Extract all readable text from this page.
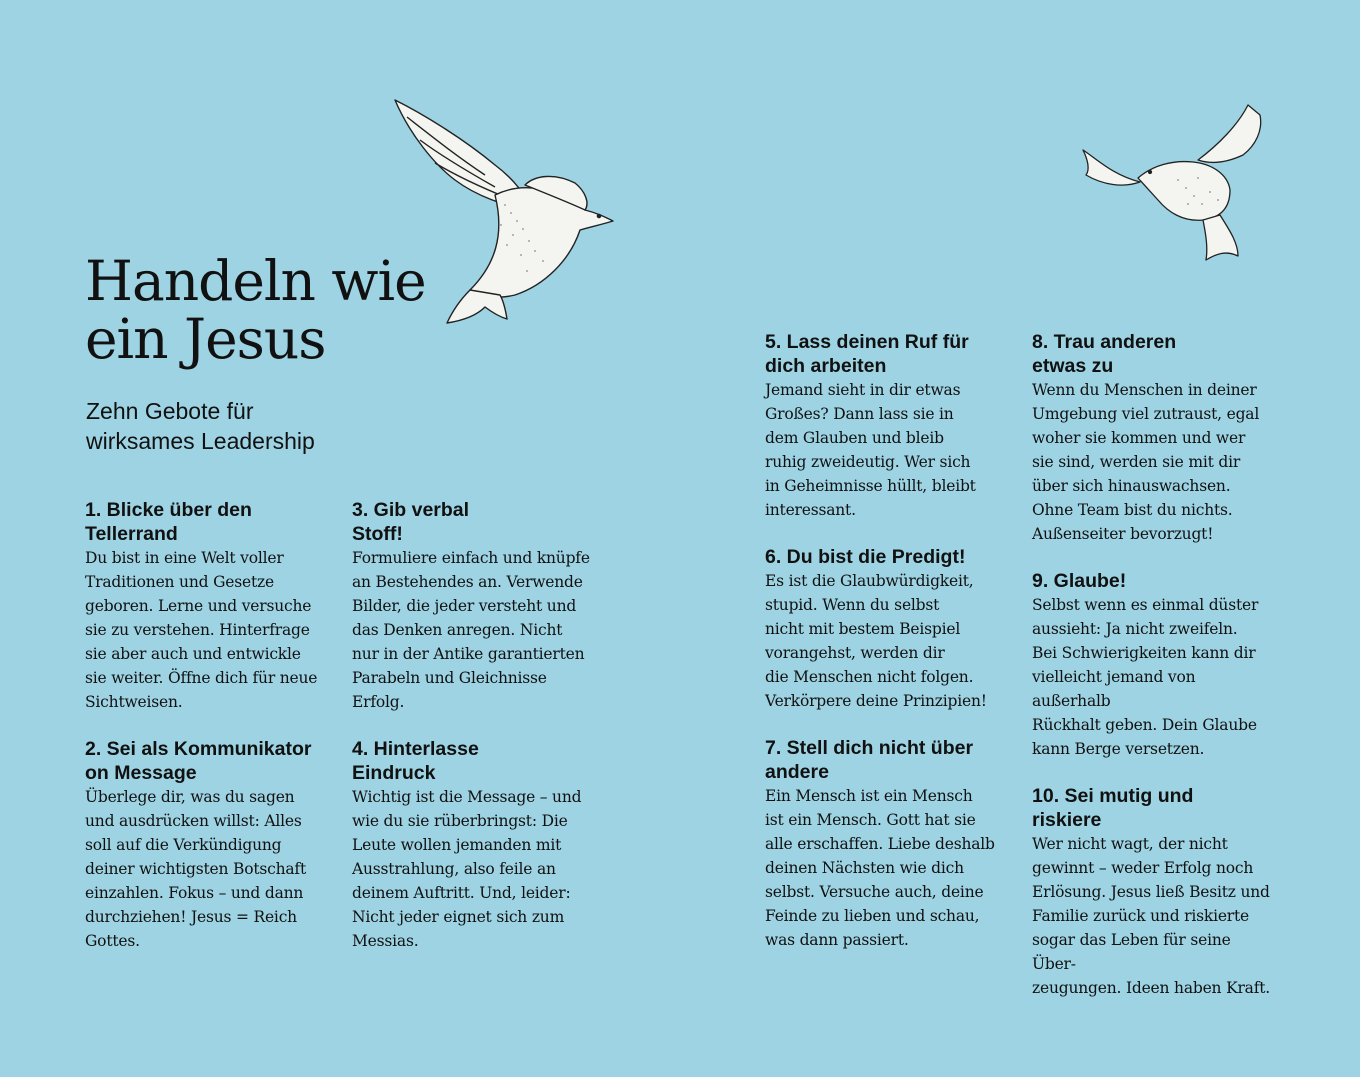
Handeln wie
ein Jesus
Zehn Gebote für
wirksames Leadership
1. Blicke über den
Tellerrand

Du bist in eine Welt voller
Traditionen und Gesetze
geboren. Lerne und versuche
sie zu verstehen. Hinterfrage
sie aber auch und entwickle
sie weiter. Öffne dich für neue
Sichtweisen.

2. Sei als Kommunikator
on Message

Überlege dir, was du sagen
und ausdrücken willst: Alles
soll auf die Verkündigung
deiner wichtigsten Botschaft
einzahlen. Fokus – und dann
durchziehen! Jesus = Reich
Gottes.

3. Gib verbal
Stoff!

Formuliere einfach und knüpfe
an Bestehendes an. Verwende
Bilder, die jeder versteht und
das Denken anregen. Nicht
nur in der Antike garantierten
Parabeln und Gleichnisse
Erfolg.

4. Hinterlasse
Eindruck

Wichtig ist die Message – und
wie du sie rüberbringst: Die
Leute wollen jemanden mit
Ausstrahlung, also feile an
deinem Auftritt. Und, leider:
Nicht jeder eignet sich zum
Messias.

5. Lass deinen Ruf für
dich arbeiten

Jemand sieht in dir etwas
Großes? Dann lass sie in
dem Glauben und bleib
ruhig zweideutig. Wer sich
in Geheimnisse hüllt, bleibt
interessant.

6. Du bist die Predigt!

Es ist die Glaubwürdigkeit,
stupid. Wenn du selbst
nicht mit bestem Beispiel
vorangehst, werden dir
die Menschen nicht folgen.
Verkörpere deine Prinzipien!

7. Stell dich nicht über
andere

Ein Mensch ist ein Mensch
ist ein Mensch. Gott hat sie
alle erschaffen. Liebe deshalb
deinen Nächsten wie dich
selbst. Versuche auch, deine
Feinde zu lieben und schau,
was dann passiert.

8. Trau anderen
etwas zu

Wenn du Menschen in deiner
Umgebung viel zutraust, egal
woher sie kommen und wer
sie sind, werden sie mit dir
über sich hinauswachsen.
Ohne Team bist du nichts.
Außenseiter bevorzugt!

9. Glaube!

Selbst wenn es einmal düster
aussieht: Ja nicht zweifeln.
Bei Schwierigkeiten kann dir
vielleicht jemand von außerhalb
Rückhalt geben. Dein Glaube
kann Berge versetzen.

10. Sei mutig und
riskiere

Wer nicht wagt, der nicht
gewinnt – weder Erfolg noch
Erlösung. Jesus ließ Besitz und
Familie zurück und riskierte
sogar das Leben für seine Über-
zeugungen. Ideen haben Kraft.
